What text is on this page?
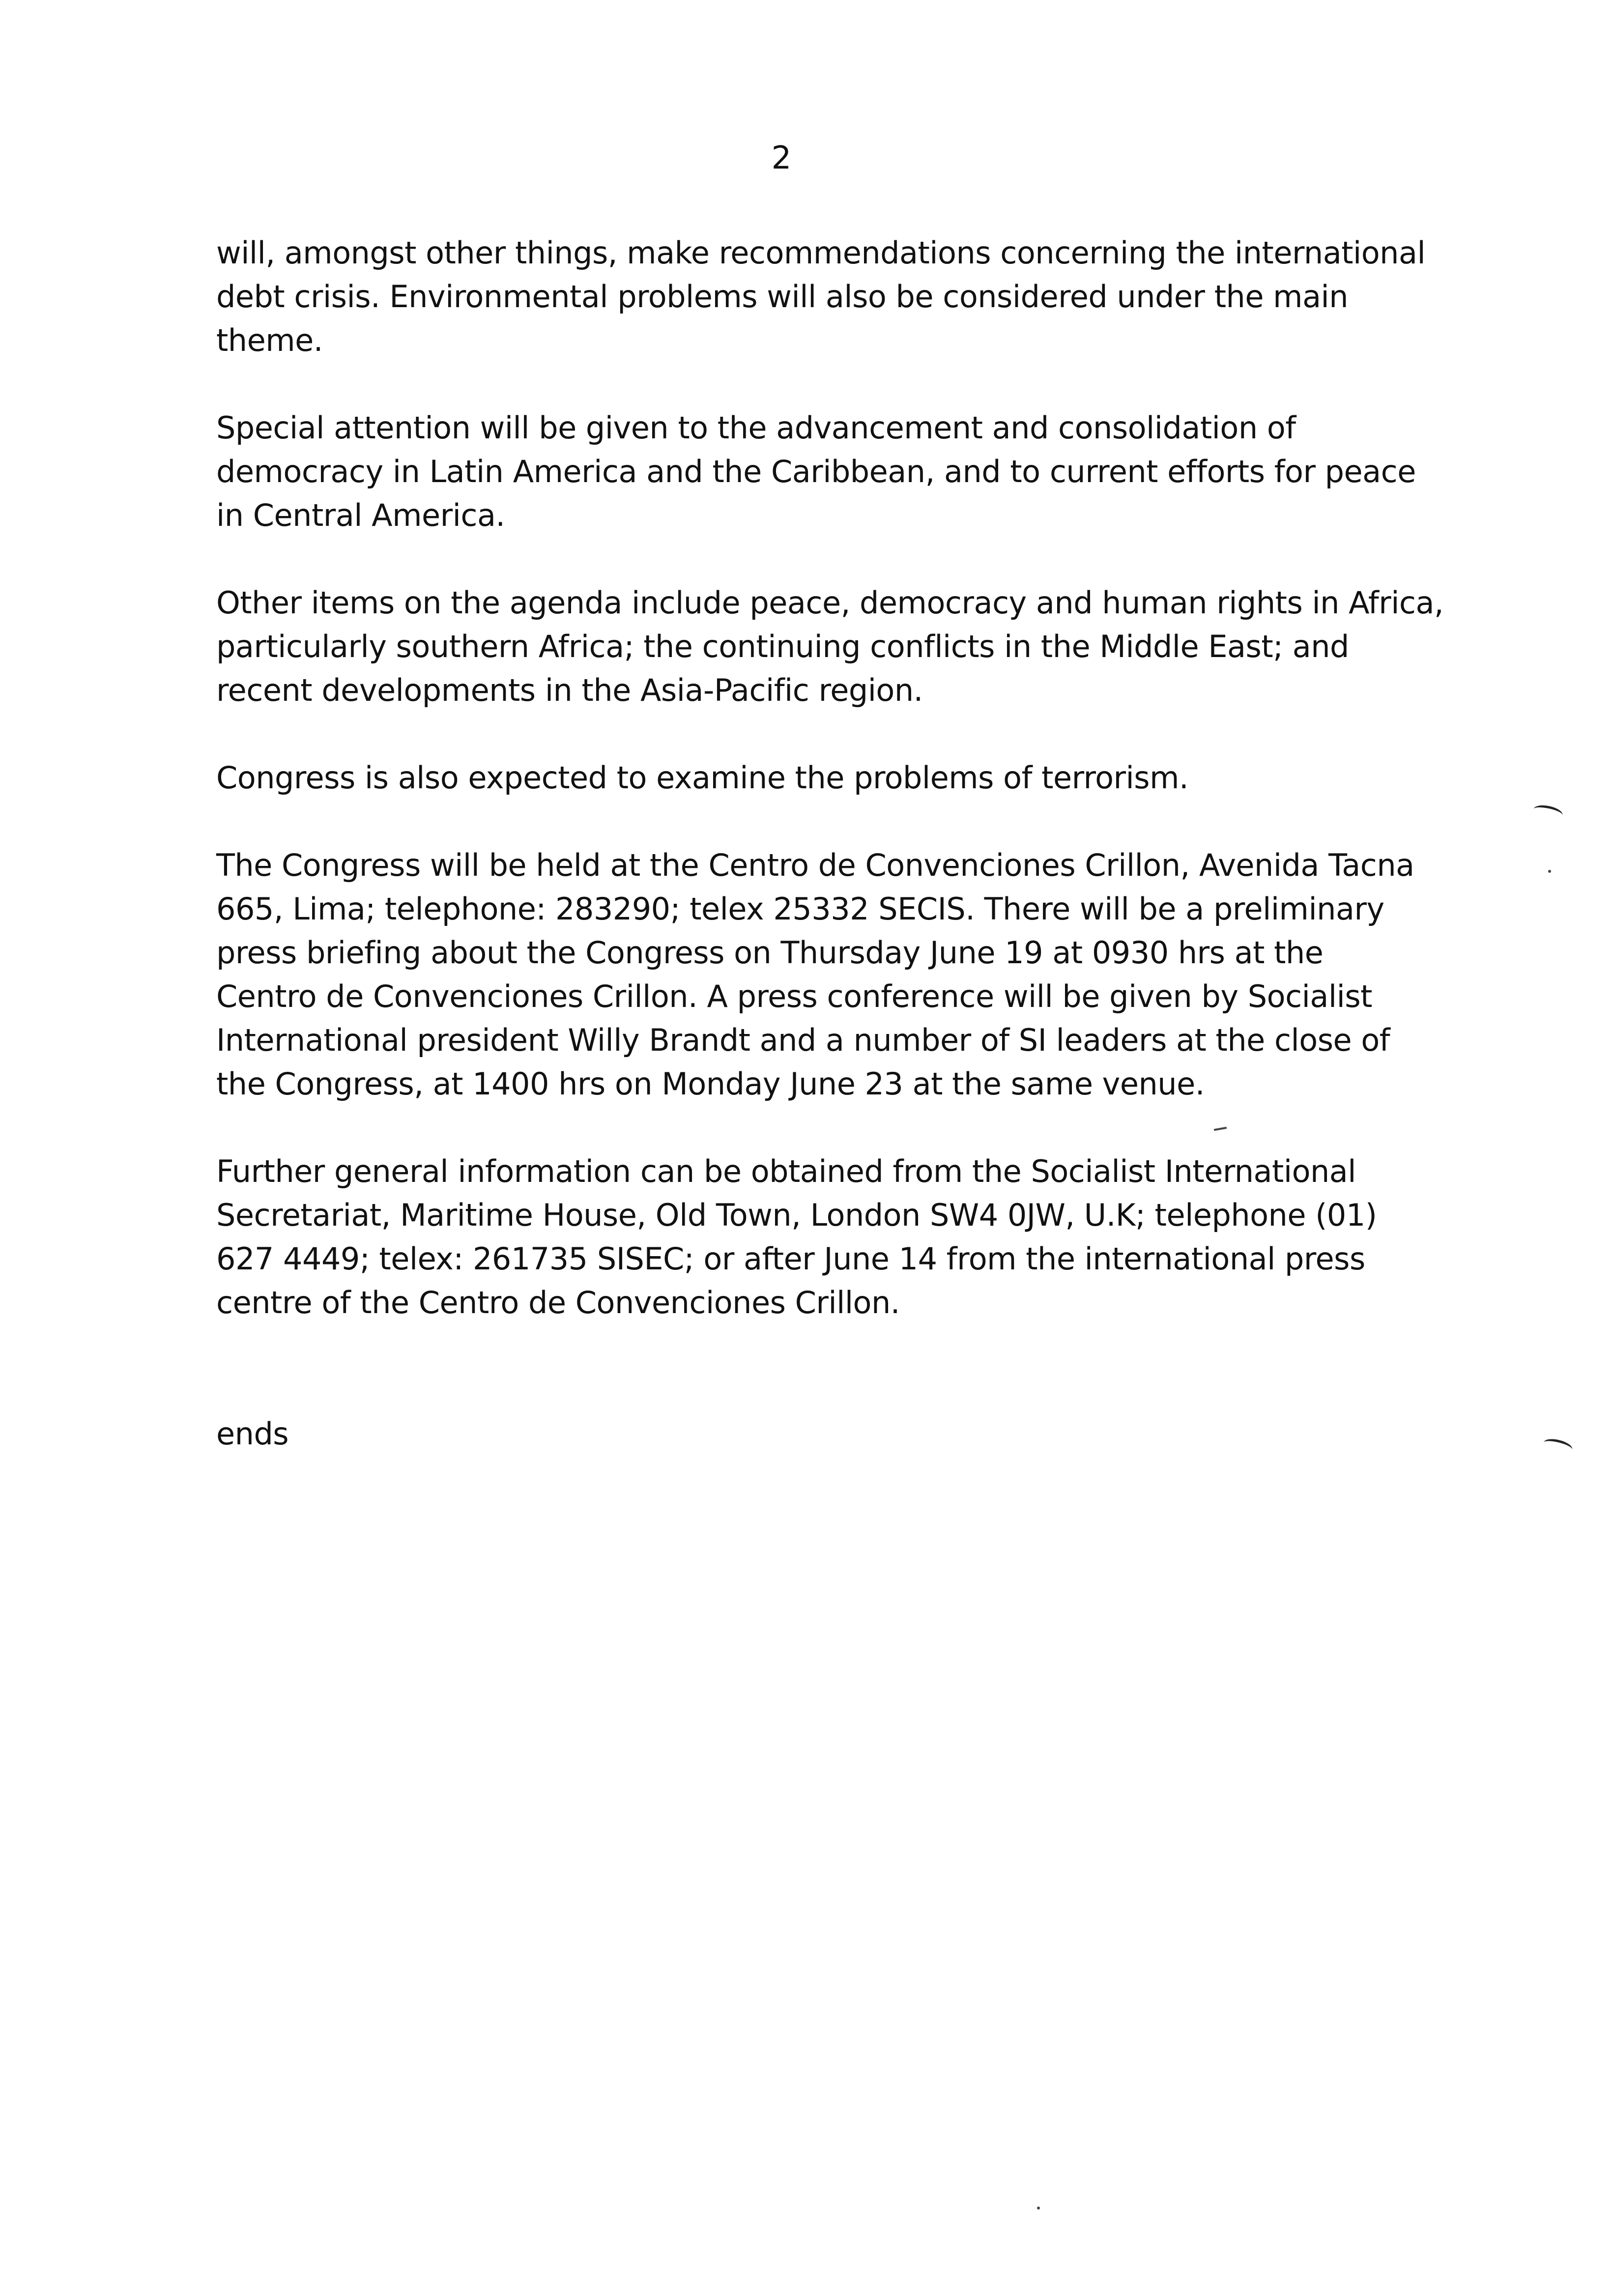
2

will, amongst other things, make recommendations concerning the international
debt crisis. Environmental problems will also be considered under the main
theme.

Special attention will be given to the advancement and consolidation of
democracy in Latin America and the Caribbean, and to current efforts for peace
in Central America.

Other items on the agenda include peace, democracy and human rights in Africa,
particularly southern Africa; the continuing conflicts in the Middle East; and
recent developments in the Asia-Pacific region.

Congress is also expected to examine the problems of terrorism.

The Congress will be held at the Centro de Convenciones Crillon, Avenida Tacna
665, Lima; telephone: 283290; telex 25332 SECIS. There will be a preliminary
press briefing about the Congress on Thursday June 19 at 0930 hrs at the
Centro de Convenciones Crillon. A press conference will be given by Socialist
International president Willy Brandt and a number of SI leaders at the close of
the Congress, at 1400 hrs on Monday June 23 at the same venue.

Further general information can be obtained from the Socialist International
Secretariat, Maritime House, Old Town, London SW4 0JW, U.K; telephone (01)
627 4449; telex: 261735 SISEC; or after June 14 from the international press
centre of the Centro de Convenciones Crillon.

ends
